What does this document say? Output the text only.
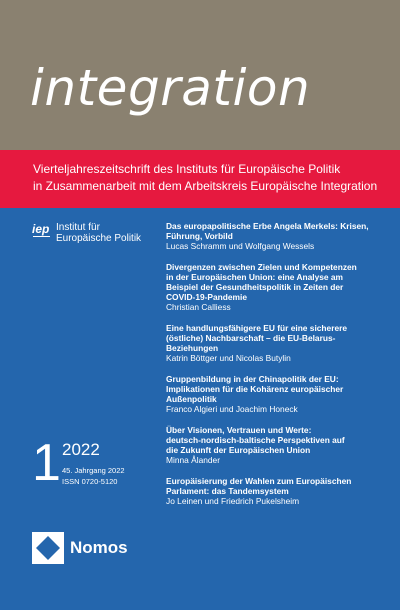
integration
Vierteljahreszeitschrift des Instituts für Europäische Politik
in Zusammenarbeit mit dem Arbeitskreis Europäische Integration
iep Institut für
Europäische Politik
Das europapolitische Erbe Angela Merkels: Krisen,
Führung, Vorbild
Lucas Schramm und Wolfgang Wessels
Divergenzen zwischen Zielen und Kompetenzen
in der Europäischen Union: eine Analyse am
Beispiel der Gesundheitspolitik in Zeiten der
COVID-19-Pandemie
Christian Calliess
Eine handlungsfähigere EU für eine sicherere
(östliche) Nachbarschaft – die EU-Belarus-
Beziehungen
Katrin Böttger und Nicolas Butylin
Gruppenbildung in der Chinapolitik der EU:
Implikationen für die Kohärenz europäischer
Außenpolitik
Franco Algieri und Joachim Honeck
Über Visionen, Vertrauen und Werte:
deutsch-nordisch-baltische Perspektiven auf
die Zukunft der Europäischen Union
Minna Ålander
Europäisierung der Wahlen zum Europäischen
Parlament: das Tandemsystem
Jo Leinen und Friedrich Pukelsheim
1 2022
45. Jahrgang 2022
ISSN 0720-5120
Nomos
